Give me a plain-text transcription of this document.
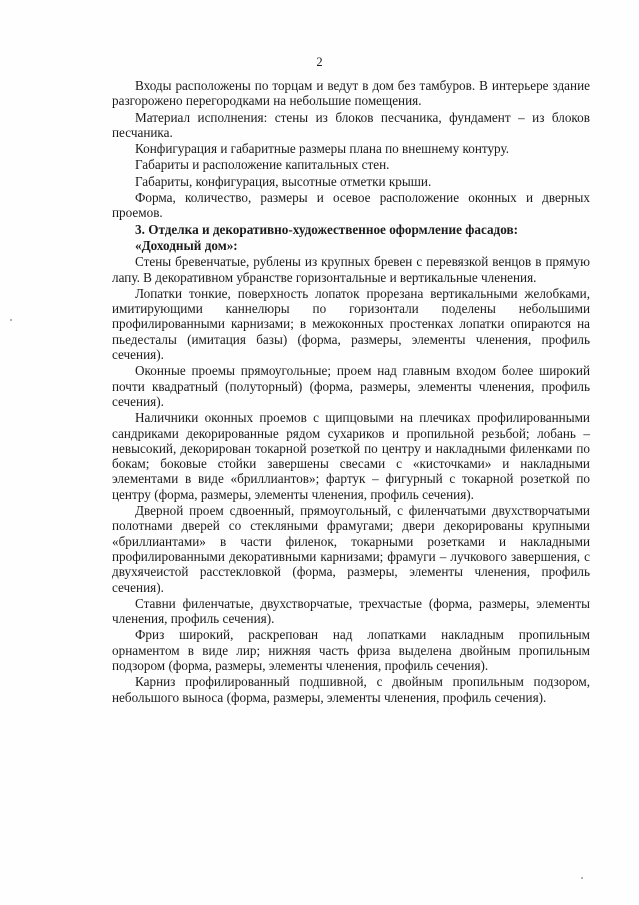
2

Входы расположены по торцам и ведут в дом без тамбуров. В интерьере здание разгорожено перегородками на небольшие помещения.

Материал исполнения: стены из блоков песчаника, фундамент – из блоков песчаника.

Конфигурация и габаритные размеры плана по внешнему контуру.

Габариты и расположение капитальных стен.

Габариты, конфигурация, высотные отметки крыши.

Форма, количество, размеры и осевое расположение оконных и дверных проемов.

3. Отделка и декоративно-художественное оформление фасадов:

«Доходный дом»:

Стены бревенчатые, рублены из крупных бревен с перевязкой венцов в прямую лапу. В декоративном убранстве горизонтальные и вертикальные членения.

Лопатки тонкие, поверхность лопаток прорезана вертикальными желобками, имитирующими каннелюры по горизонтали поделены небольшими профилированными карнизами; в межоконных простенках лопатки опираются на пьедесталы (имитация базы) (форма, размеры, элементы членения, профиль сечения).

Оконные проемы прямоугольные; проем над главным входом более широкий почти квадратный (полуторный) (форма, размеры, элементы членения, профиль сечения).

Наличники оконных проемов с щипцовыми на плечиках профилированными сандриками декорированные рядом сухариков и пропильной резьбой; лобань – невысокий, декорирован токарной розеткой по центру и накладными филенками по бокам; боковые стойки завершены свесами с «кисточками» и накладными элементами в виде «бриллиантов»; фартук – фигурный с токарной розеткой по центру (форма, размеры, элементы членения, профиль сечения).

Дверной проем сдвоенный, прямоугольный, с филенчатыми двухстворчатыми полотнами дверей со стекляными фрамугами; двери декорированы крупными «бриллиантами» в части филенок, токарными розетками и накладными профилированными декоративными карнизами; фрамуги – лучкового завершения, с двухячеистой расстекловкой (форма, размеры, элементы членения, профиль сечения).

Ставни филенчатые, двухстворчатые, трехчастые (форма, размеры, элементы членения, профиль сечения).

Фриз широкий, раскрепован над лопатками накладным пропильным орнаментом в виде лир; нижняя часть фриза выделена двойным пропильным подзором (форма, размеры, элементы членения, профиль сечения).

Карниз профилированный подшивной, с двойным пропильным подзором, небольшого выноса (форма, размеры, элементы членения, профиль сечения).
